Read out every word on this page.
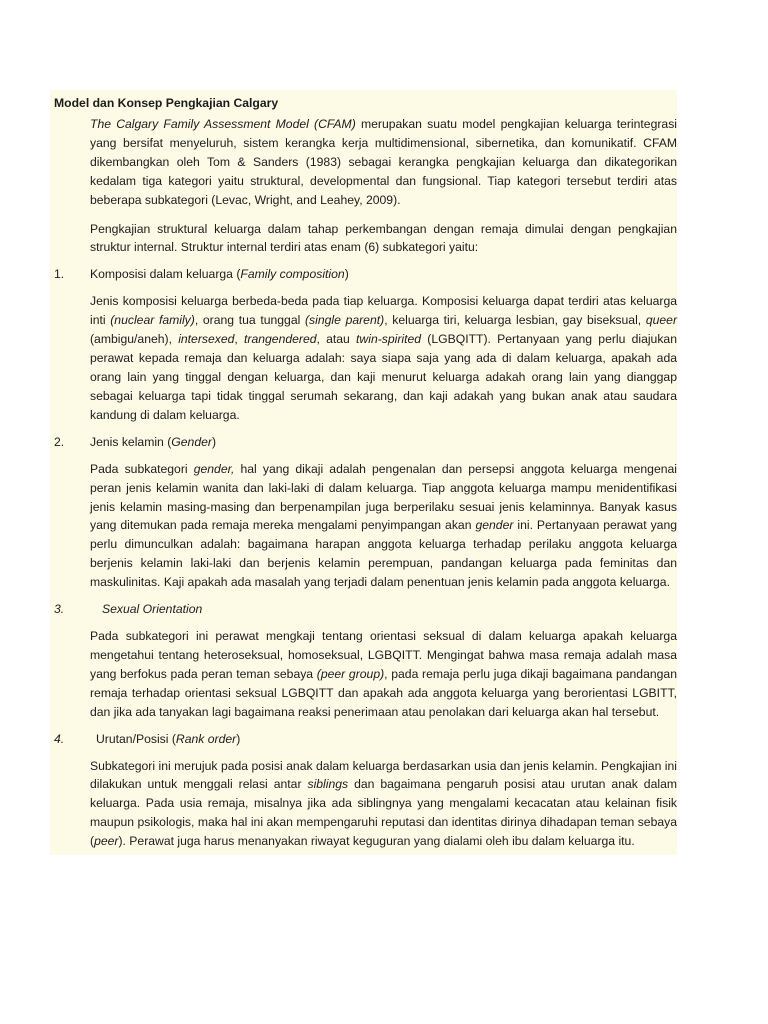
Model dan Konsep Pengkajian Calgary

The Calgary Family Assessment Model (CFAM) merupakan suatu model pengkajian keluarga terintegrasi yang bersifat menyeluruh, sistem kerangka kerja multidimensional, sibernetika, dan komunikatif. CFAM dikembangkan oleh Tom & Sanders (1983) sebagai kerangka pengkajian keluarga dan dikategorikan kedalam tiga kategori yaitu struktural, developmental dan fungsional. Tiap kategori tersebut terdiri atas beberapa subkategori (Levac, Wright, and Leahey, 2009).

Pengkajian struktural keluarga dalam tahap perkembangan dengan remaja dimulai dengan pengkajian struktur internal. Struktur internal terdiri atas enam (6) subkategori yaitu:

1.	Komposisi dalam keluarga (Family composition)

Jenis komposisi keluarga berbeda-beda pada tiap keluarga. Komposisi keluarga dapat terdiri atas keluarga inti (nuclear family), orang tua tunggal (single parent), keluarga tiri, keluarga lesbian, gay biseksual, queer (ambigu/aneh), intersexed, trangendered, atau twin-spirited (LGBQITT). Pertanyaan yang perlu diajukan perawat kepada remaja dan keluarga adalah: saya siapa saja yang ada di dalam keluarga, apakah ada orang lain yang tinggal dengan keluarga, dan kaji menurut keluarga adakah orang lain yang dianggap sebagai keluarga tapi tidak tinggal serumah sekarang, dan kaji adakah yang bukan anak atau saudara kandung di dalam keluarga.

2.	Jenis kelamin (Gender)

Pada subkategori gender, hal yang dikaji adalah pengenalan dan persepsi anggota keluarga mengenai peran jenis kelamin wanita dan laki-laki di dalam keluarga. Tiap anggota keluarga mampu menidentifikasi jenis kelamin masing-masing dan berpenampilan juga berperilaku sesuai jenis kelaminnya. Banyak kasus yang ditemukan pada remaja mereka mengalami penyimpangan akan gender ini. Pertanyaan perawat yang perlu dimunculkan adalah: bagaimana harapan anggota keluarga terhadap perilaku anggota keluarga berjenis kelamin laki-laki dan berjenis kelamin perempuan, pandangan keluarga pada feminitas dan maskulinitas. Kaji apakah ada masalah yang terjadi dalam penentuan jenis kelamin pada anggota keluarga.

3.	Sexual Orientation

Pada subkategori ini perawat mengkaji tentang orientasi seksual di dalam keluarga apakah keluarga mengetahui tentang heteroseksual, homoseksual, LGBQITT. Mengingat bahwa masa remaja adalah masa yang berfokus pada peran teman sebaya (peer group), pada remaja perlu juga dikaji bagaimana pandangan remaja terhadap orientasi seksual LGBQITT dan apakah ada anggota keluarga yang berorientasi LGBITT, dan jika ada tanyakan lagi bagaimana reaksi penerimaan atau penolakan dari keluarga akan hal tersebut.

4.	Urutan/Posisi (Rank order)

Subkategori ini merujuk pada posisi anak dalam keluarga berdasarkan usia dan jenis kelamin. Pengkajian ini dilakukan untuk menggali relasi antar siblings dan bagaimana pengaruh posisi atau urutan anak dalam keluarga. Pada usia remaja, misalnya jika ada siblingnya yang mengalami kecacatan atau kelainan fisik maupun psikologis, maka hal ini akan mempengaruhi reputasi dan identitas dirinya dihadapan teman sebaya (peer). Perawat juga harus menanyakan riwayat keguguran yang dialami oleh ibu dalam keluarga itu.
